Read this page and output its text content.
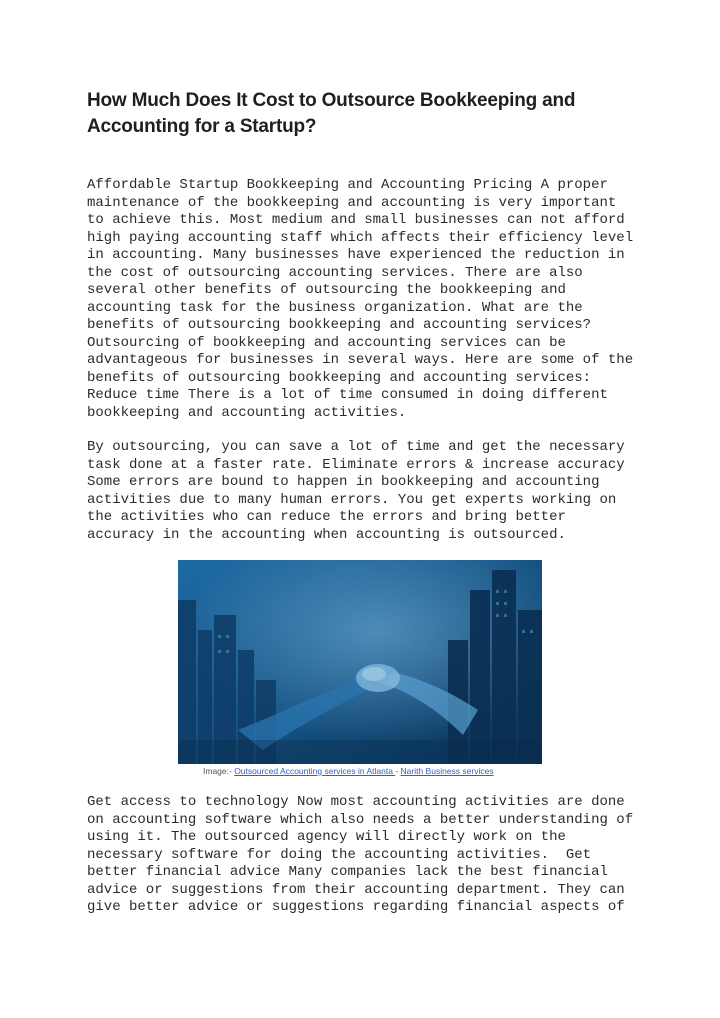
How Much Does It Cost to Outsource Bookkeeping and
Accounting for a Startup?

Affordable Startup Bookkeeping and Accounting Pricing A proper
maintenance of the bookkeeping and accounting is very important
to achieve this. Most medium and small businesses can not afford
high paying accounting staff which affects their efficiency level
in accounting. Many businesses have experienced the reduction in
the cost of outsourcing accounting services. There are also
several other benefits of outsourcing the bookkeeping and
accounting task for the business organization. What are the
benefits of outsourcing bookkeeping and accounting services?
Outsourcing of bookkeeping and accounting services can be
advantageous for businesses in several ways. Here are some of the
benefits of outsourcing bookkeeping and accounting services:
Reduce time There is a lot of time consumed in doing different
bookkeeping and accounting activities.

By outsourcing, you can save a lot of time and get the necessary
task done at a faster rate. Eliminate errors & increase accuracy
Some errors are bound to happen in bookkeeping and accounting
activities due to many human errors. You get experts working on
the activities who can reduce the errors and bring better
accuracy in the accounting when accounting is outsourced.

Image:- Outsourced Accounting services in Atlanta - Narith Business services

Get access to technology Now most accounting activities are done
on accounting software which also needs a better understanding of
using it. The outsourced agency will directly work on the
necessary software for doing the accounting activities.  Get
better financial advice Many companies lack the best financial
advice or suggestions from their accounting department. They can
give better advice or suggestions regarding financial aspects of
